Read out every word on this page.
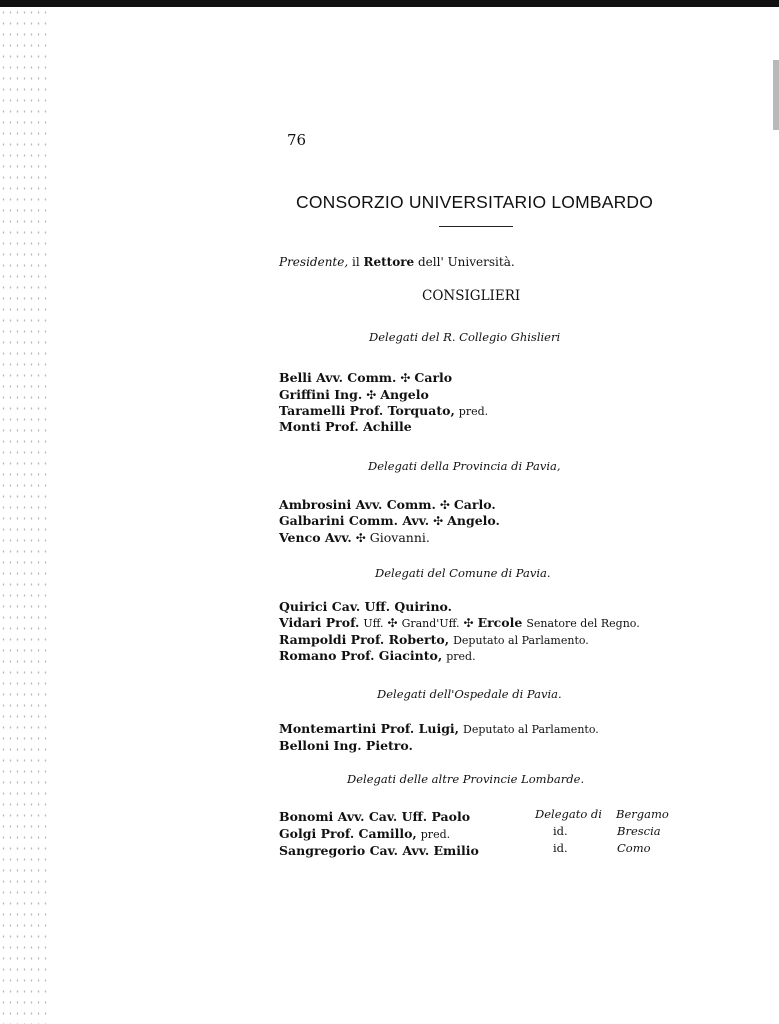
76
CONSORZIO UNIVERSITARIO LOMBARDO
Presidente, il Rettore dell' Università.
CONSIGLIERI
Delegati del R. Collegio Ghislieri
Belli Avv. Comm. ✣ Carlo
Griffini Ing. ✣ Angelo
Taramelli Prof. Torquato, pred.
Monti Prof. Achille
Delegati della Provincia di Pavia,
Ambrosini Avv. Comm. ✣ Carlo.
Galbarini Comm. Avv. ✣ Angelo.
Venco Avv. ✣ Giovanni.
Delegati del Comune di Pavia.
Quirici Cav. Uff. Quirino.
Vidari Prof. Uff. ✣ Grand'Uff. ✣ Ercole Senatore del Regno.
Rampoldi Prof. Roberto, Deputato al Parlamento.
Romano Prof. Giacinto, pred.
Delegati dell'Ospedale di Pavia.
Montemartini Prof. Luigi, Deputato al Parlamento.
Belloni Ing. Pietro.
Delegati delle altre Provincie Lombarde.
Bonomi Avv. Cav. Uff. Paolo	Delegato di Bergamo
Golgi Prof. Camillo, pred.	id.	Brescia
Sangregorio Cav. Avv. Emilio	id.	Como
